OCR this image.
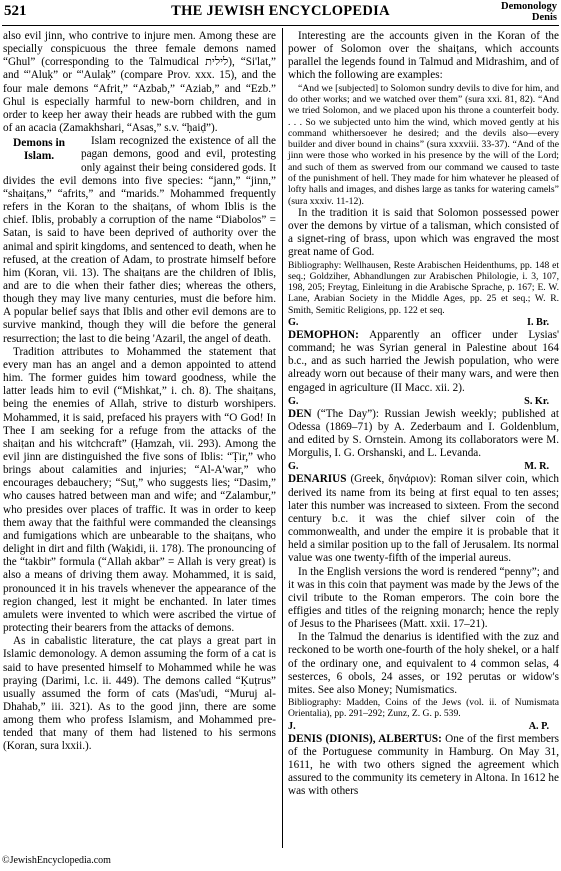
521	THE JEWISH ENCYCLOPEDIA	Demonology
Denis

also evil jinn, who contrive to injure men. Among these are specially conspicuous the three female demons named “Ghul” (corresponding to the Talmudical לילית), “Si'lat,” and “'Aluḳ” or “'Aulaḳ” (compare Prov. xxx. 15), and the four male demons “Afrit,” “Azbab,” “Aziab,” and “Ezb.” Ghul is especially harmful to new-born children, and in order to keep her away their heads are rubbed with the gum of an acacia (Zamakhshari, “Asas,” s.v. “ḥaiḍ”).

Demons in Islam.

Islam recognized the existence of all the pagan demons, good and evil, protesting only against their being considered gods. It divides the evil demons into five species: “jann,” “jinn,” “shaiṭans,” “afrits,” and “marids.” Mohammed frequently refers in the Koran to the shaiṭans, of whom Iblis is the chief. Iblis, probably a corruption of the name “Diabolos” = Satan, is said to have been deprived of authority over the animal and spirit kingdoms, and sentenced to death, when he refused, at the creation of Adam, to prostrate himself before him (Koran, vii. 13). The shaiṭans are the children of Iblis, and are to die when their father dies; whereas the others, though they may live many centuries, must die before him. A popular belief says that Iblis and other evil demons are to survive mankind, though they will die before the general resurrection; the last to die being 'Azaril, the angel of death.

Tradition attributes to Mohammed the statement that every man has an angel and a demon appointed to attend him. The former guides him toward goodness, while the latter leads him to evil (“Mishkat,” i. ch. 8). The shaiṭans, being the enemies of Allah, strive to disturb worshipers. Mohammed, it is said, prefaced his prayers with “O God! In Thee I am seeking for a refuge from the attacks of the shaiṭan and his witchcraft” (Ḥamzah, vii. 293). Among the evil jinn are distinguished the five sons of Iblis: “Ṭir,” who brings about calamities and injuries; “Al-A'war,” who encourages debauchery; “Suṭ,” who suggests lies; “Dasim,” who causes hatred between man and wife; and “Zalambur,” who presides over places of traffic. It was in order to keep them away that the faithful were commanded the cleansings and fumigations which are unbearable to the shaiṭans, who delight in dirt and filth (Waḳidi, ii. 178). The pronouncing of the “takbir” formula (“Allah akbar” = Allah is very great) is also a means of driving them away. Mohammed, it is said, pronounced it in his travels whenever the appearance of the region changed, lest it might be enchanted. In later times amulets were invented to which were ascribed the virtue of protecting their bearers from the attacks of demons.

As in cabalistic literature, the cat plays a great part in Islamic demonology. A demon assuming the form of a cat is said to have presented himself to Mohammed while he was praying (Darimi, l.c. ii. 449). The demons called “Ḳuṭrus” usually assumed the form of cats (Mas'udi, “Muruj al-Dhahab,” iii. 321). As to the good jinn, there are some among them who profess Islamism, and Mohammed pretended that many of them had listened to his sermons (Koran, sura lxxii.).

Interesting are the accounts given in the Koran of the power of Solomon over the shaiṭans, which accounts parallel the legends found in Talmud and Midrashim, and of which the following are examples:

“And we [subjected] to Solomon sundry devils to dive for him, and do other works; and we watched over them” (sura xxi. 81, 82). “And we tried Solomon, and we placed upon his throne a counterfeit body. . . . So we subjected unto him the wind, which moved gently at his command whithersoever he desired; and the devils also—every builder and diver bound in chains” (sura xxxviii. 33-37). “And of the jinn were those who worked in his presence by the will of the Lord; and such of them as swerved from our command we caused to taste of the punishment of hell. They made for him whatever he pleased of lofty halls and images, and dishes large as tanks for watering camels” (sura xxxiv. 11-12).

In the tradition it is said that Solomon possessed power over the demons by virtue of a talisman, which consisted of a signet-ring of brass, upon which was engraved the most great name of God.

Bibliography: Wellhausen, Reste Arabischen Heidenthums, pp. 148 et seq.; Goldziher, Abhandlungen zur Arabischen Philologie, i. 3, 107, 198, 205; Freytag, Einleitung in die Arabische Sprache, p. 167; E. W. Lane, Arabian Society in the Middle Ages, pp. 25 et seq.; W. R. Smith, Semitic Religions, pp. 122 et seq.

G.	I. Br.

DEMOPHON: Apparently an officer under Lysias' command; he was Syrian general in Palestine about 164 b.c., and as such harried the Jewish population, who were already worn out because of their many wars, and were then engaged in agriculture (II Macc. xii. 2).

G.	S. Kr.

DEN (“The Day”): Russian Jewish weekly; published at Odessa (1869–71) by A. Zederbaum and I. Goldenblum, and edited by S. Ornstein. Among its collaborators were M. Morgulis, I. G. Orshanski, and L. Levanda.

G.	M. R.

DENARIUS (Greek, δηνάριον): Roman silver coin, which derived its name from its being at first equal to ten asses; later this number was increased to sixteen. From the second century b.c. it was the chief silver coin of the commonwealth, and under the empire it is probable that it held a similar position up to the fall of Jerusalem. Its normal value was one twenty-fifth of the imperial aureus.

In the English versions the word is rendered “penny”; and it was in this coin that payment was made by the Jews of the civil tribute to the Roman emperors. The coin bore the effigies and titles of the reigning monarch; hence the reply of Jesus to the Pharisees (Matt. xxii. 17–21).

In the Talmud the denarius is identified with the zuz and reckoned to be worth one-fourth of the holy shekel, or a half of the ordinary one, and equivalent to 4 common selas, 4 sesterces, 6 obols, 24 asses, or 192 perutas or widow's mites. See also Money; Numismatics.

Bibliography: Madden, Coins of the Jews (vol. ii. of Numismata Orientalia), pp. 291–292; Zunz, Z. G. p. 539.

J.	A. P.

DENIS (DIONIS), ALBERTUS: One of the first members of the Portuguese community in Hamburg. On May 31, 1611, he with two others signed the agreement which assured to the community its cemetery in Altona. In 1612 he was with others

©JewishEncyclopedia.com
